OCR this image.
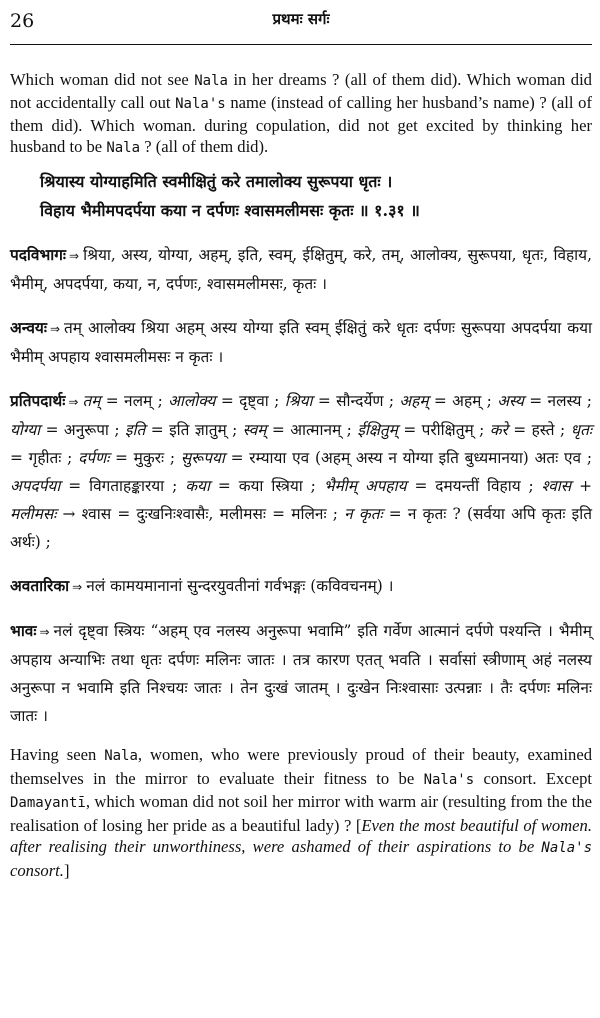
26	प्रथमः सर्गः

Which woman did not see Nala in her dreams ? (all of them did). Which woman did not accidentally call out Nala's name (instead of calling her husband’s name) ? (all of them did). Which woman. during copulation, did not get excited by thinking her husband to be Nala ? (all of them did).

श्रियास्य योग्याहमिति स्वमीक्षितुं करे तमालोक्य सुरूपया धृतः ।
विहाय भैमीमपदर्पया कया न दर्पणः श्वासमलीमसः कृतः ॥ १.३१ ॥

पदविभागः ⇒ श्रिया, अस्य, योग्या, अहम्, इति, स्वम्, ईक्षितुम्, करे, तम्, आलोक्य, सुरूपया, धृतः, विहाय, भैमीम्, अपदर्पया, कया, न, दर्पणः, श्वासमलीमसः, कृतः ।

अन्वयः ⇒ तम् आलोक्य श्रिया अहम् अस्य योग्या इति स्वम् ईक्षितुं करे धृतः दर्पणः सुरूपया अपदर्पया कया भैमीम् अपहाय श्वासमलीमसः न कृतः ।

प्रतिपदार्थः ⇒ तम् = नलम् ; आलोक्य = दृष्ट्वा ; श्रिया = सौन्दर्येण ; अहम् = अहम् ; अस्य = नलस्य ; योग्या = अनुरूपा ; इति = इति ज्ञातुम् ; स्वम् = आत्मानम् ; ईक्षितुम् = परीक्षितुम् ; करे = हस्ते ; धृतः = गृहीतः ; दर्पणः = मुकुरः ; सुरूपया = रम्याया एव (अहम् अस्य न योग्या इति बुध्यमानया) अतः एव ; अपदर्पया = विगताहङ्कारया ; कया = कया स्त्रिया ; भैमीम् अपहाय = दमयन्तीं विहाय ; श्वास + मलीमसः → श्वास = दुःखनिःश्वासैः, मलीमसः = मलिनः ; न कृतः = न कृतः ? (सर्वया अपि कृतः इति अर्थः) ;

अवतारिका ⇒ नलं कामयमानानां सुन्दरयुवतीनां गर्वभङ्गः (कविवचनम्) ।

भावः ⇒ नलं दृष्ट्वा स्त्रियः “अहम् एव नलस्य अनुरूपा भवामि” इति गर्वेण आत्मानं दर्पणे पश्यन्ति । भैमीम् अपहाय अन्याभिः तथा धृतः दर्पणः मलिनः जातः । तत्र कारण एतत् भवति । सर्वासां स्त्रीणाम् अहं नलस्य अनुरूपा न भवामि इति निश्चयः जातः । तेन दुःखं जातम् । दुःखेन निःश्वासाः उत्पन्नाः । तैः दर्पणः मलिनः जातः ।

Having seen Nala, women, who were previously proud of their beauty, examined themselves in the mirror to evaluate their fitness to be Nala's consort. Except Damayantī, which woman did not soil her mirror with warm air (resulting from the the realisation of losing her pride as a beautiful lady) ? [Even the most beautiful of women. after realising their unworthiness, were ashamed of their aspirations to be Nala's consort.]
